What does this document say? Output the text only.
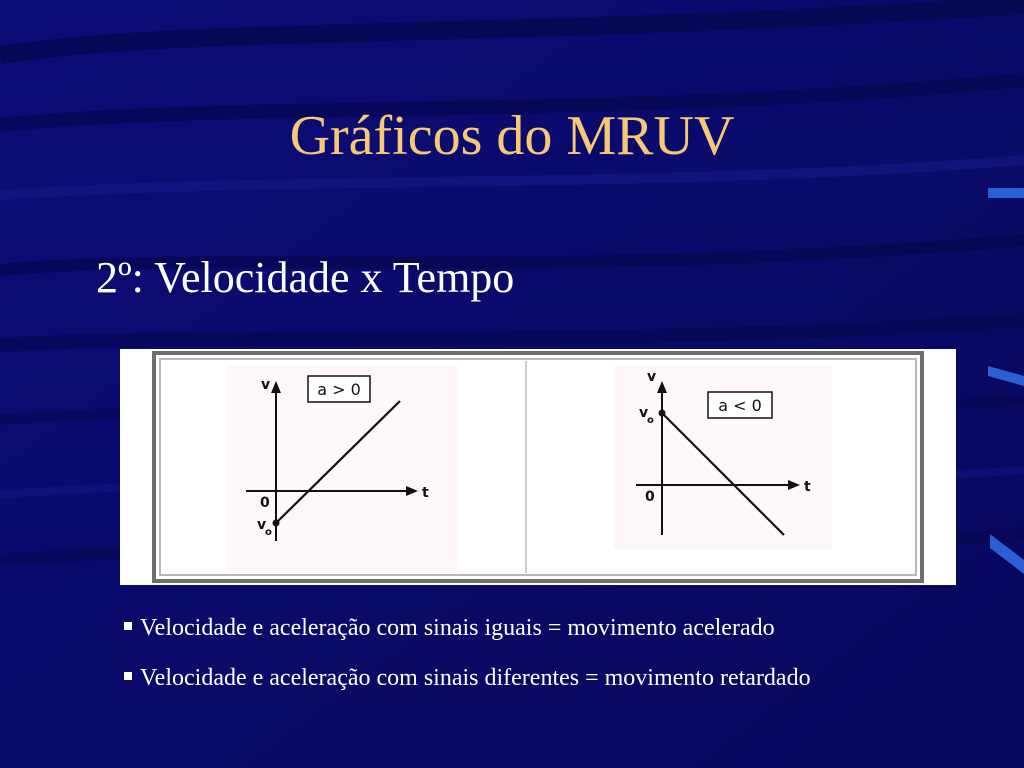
Gráficos do MRUV
2º: Velocidade x Tempo
a > 0
v
t
0
v
o
a < 0
v
t
0
v
o
Velocidade e aceleração com sinais iguais = movimento acelerado
Velocidade e aceleração com sinais diferentes = movimento retardado
